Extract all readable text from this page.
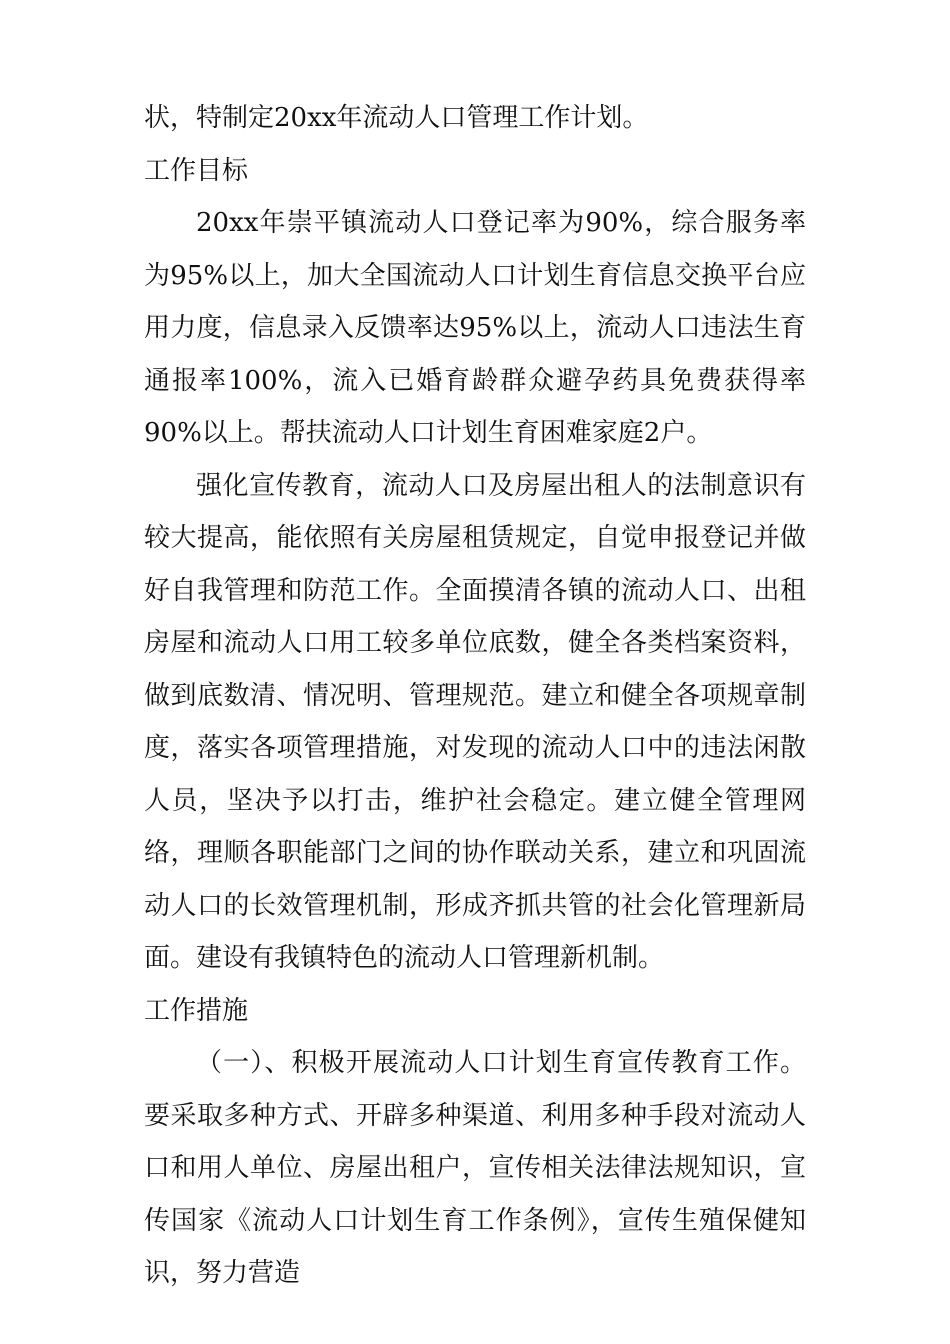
状，特制定20xx年流动人口管理工作计划。

工作目标

20xx年崇平镇流动人口登记率为90%，综合服务率为95%以上，加大全国流动人口计划生育信息交换平台应用力度，信息录入反馈率达95%以上，流动人口违法生育通报率100%，流入已婚育龄群众避孕药具免费获得率90%以上。帮扶流动人口计划生育困难家庭2户。

强化宣传教育，流动人口及房屋出租人的法制意识有较大提高，能依照有关房屋租赁规定，自觉申报登记并做好自我管理和防范工作。全面摸清各镇的流动人口、出租房屋和流动人口用工较多单位底数，健全各类档案资料，做到底数清、情况明、管理规范。建立和健全各项规章制度，落实各项管理措施，对发现的流动人口中的违法闲散人员，坚决予以打击，维护社会稳定。建立健全管理网络，理顺各职能部门之间的协作联动关系，建立和巩固流动人口的长效管理机制，形成齐抓共管的社会化管理新局面。建设有我镇特色的流动人口管理新机制。

工作措施

（一）、积极开展流动人口计划生育宣传教育工作。要采取多种方式、开辟多种渠道、利用多种手段对流动人口和用人单位、房屋出租户，宣传相关法律法规知识，宣传国家《流动人口计划生育工作条例》，宣传生殖保健知识，努力营造
